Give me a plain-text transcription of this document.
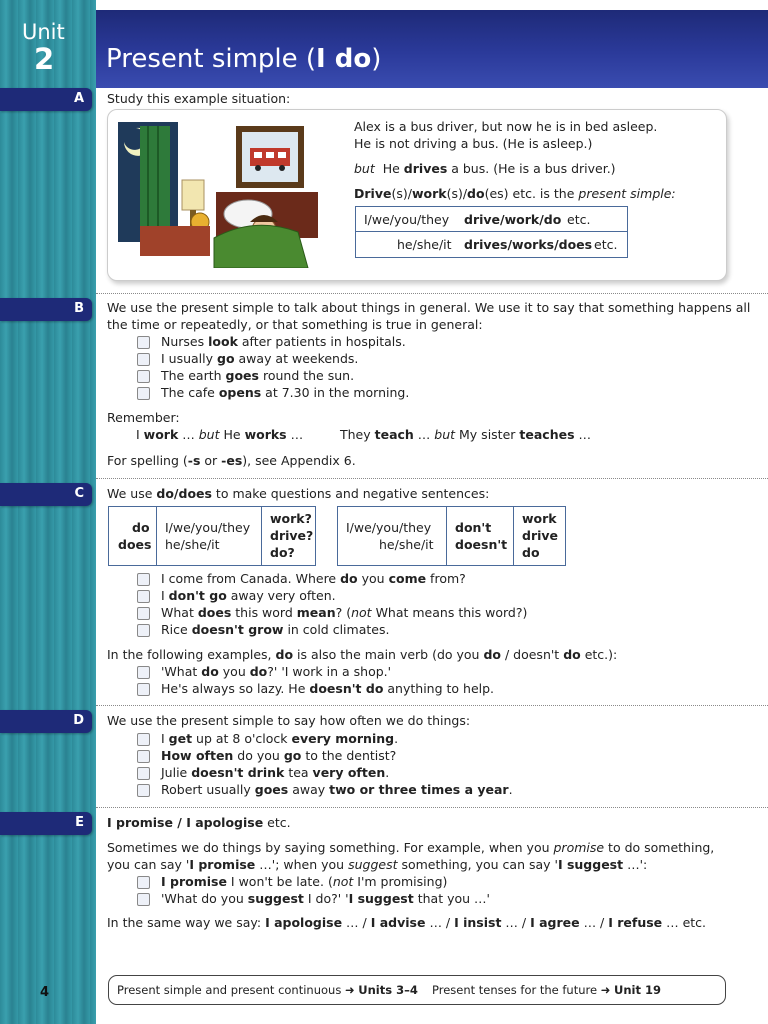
Unit
2 Present simple (I do)
A
B
C
D
E
Study this example situation:
Alex is a bus driver, but now he is in bed asleep.
He is not driving a bus. (He is asleep.)
but He drives a bus. (He is a bus driver.)
Drive(s)/work(s)/do(es) etc. is the present simple:
I/we/you/they drive/work/do etc.
he/she/it drives/works/does etc.
We use the present simple to talk about things in general. We use it to say that something happens all
the time or repeatedly, or that something is true in general:
Nurses look after patients in hospitals.
I usually go away at weekends.
The earth goes round the sun.
The cafe opens at 7.30 in the morning.
Remember:
I work … but He works …	They teach … but My sister teaches …
For spelling (-s or -es), see Appendix 6.
We use do/does to make questions and negative sentences:
do
does
I/we/you/they
he/she/it
work?
drive?
do?
I/we/you/they
he/she/it
don't
doesn't
work
drive
do
I come from Canada. Where do you come from?
I don't go away very often.
What does this word mean? (not What means this word?)
Rice doesn't grow in cold climates.
In the following examples, do is also the main verb (do you do / doesn't do etc.):
'What do you do?' 'I work in a shop.'
He's always so lazy. He doesn't do anything to help.
We use the present simple to say how often we do things:
I get up at 8 o'clock every morning.
How often do you go to the dentist?
Julie doesn't drink tea very often.
Robert usually goes away two or three times a year.
I promise / I apologise etc.
Sometimes we do things by saying something. For example, when you promise to do something,
you can say 'I promise …'; when you suggest something, you can say 'I suggest …':
I promise I won't be late. (not I'm promising)
'What do you suggest I do?' 'I suggest that you …'
In the same way we say: I apologise … / I advise … / I insist … / I agree … / I refuse … etc.
Present simple and present continuous ➜ Units 3–4 Present tenses for the future ➜ Unit 19
4
